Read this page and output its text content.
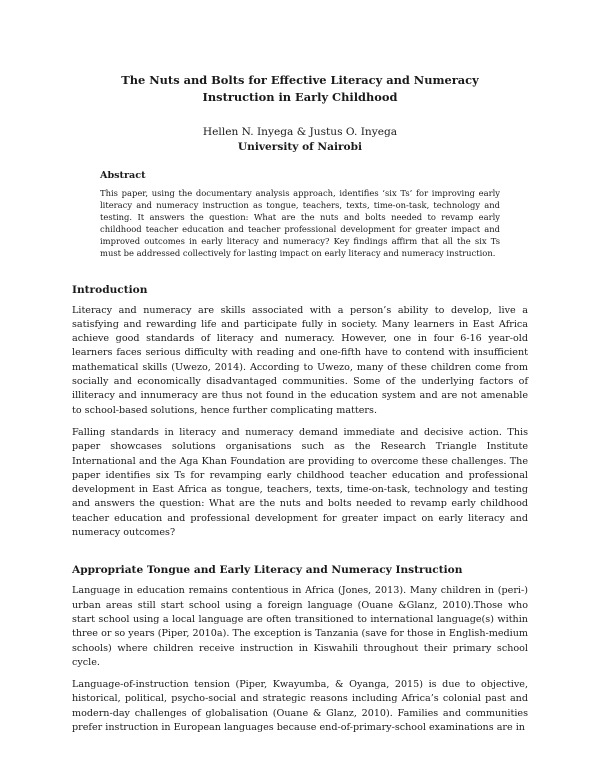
The Nuts and Bolts for Effective Literacy and Numeracy Instruction in Early Childhood
Hellen N. Inyega & Justus O. Inyega
University of Nairobi
Abstract
This paper, using the documentary analysis approach, identifies ‘six Ts’ for improving early literacy and numeracy instruction as tongue, teachers, texts, time-on-task, technology and testing. It answers the question: What are the nuts and bolts needed to revamp early childhood teacher education and teacher professional development for greater impact and improved outcomes in early literacy and numeracy? Key findings affirm that all the six Ts must be addressed collectively for lasting impact on early literacy and numeracy instruction.
Introduction

Literacy and numeracy are skills associated with a person’s ability to develop, live a satisfying and rewarding life and participate fully in society. Many learners in East Africa achieve good standards of literacy and numeracy. However, one in four 6-16 year-old learners faces serious difficulty with reading and one-fifth have to contend with insufficient mathematical skills (Uwezo, 2014). According to Uwezo, many of these children come from socially and economically disadvantaged communities. Some of the underlying factors of illiteracy and innumeracy are thus not found in the education system and are not amenable to school-based solutions, hence further complicating matters.

Falling standards in literacy and numeracy demand immediate and decisive action. This paper showcases solutions organisations such as the Research Triangle Institute International and the Aga Khan Foundation are providing to overcome these challenges. The paper identifies six Ts for revamping early childhood teacher education and professional development in East Africa as tongue, teachers, texts, time-on-task, technology and testing and answers the question: What are the nuts and bolts needed to revamp early childhood teacher education and professional development for greater impact on early literacy and numeracy outcomes?

Appropriate Tongue and Early Literacy and Numeracy Instruction

Language in education remains contentious in Africa (Jones, 2013). Many children in (peri-) urban areas still start school using a foreign language (Ouane &Glanz, 2010).Those who start school using a local language are often transitioned to international language(s) within three or so years (Piper, 2010a). The exception is Tanzania (save for those in English-medium schools) where children receive instruction in Kiswahili throughout their primary school cycle.

Language-of-instruction tension (Piper, Kwayumba, & Oyanga, 2015) is due to objective, historical, political, psycho-social and strategic reasons including Africa’s colonial past and modern-day challenges of globalisation (Ouane & Glanz, 2010). Families and communities prefer instruction in European languages because end-of-primary-school examinations are in
